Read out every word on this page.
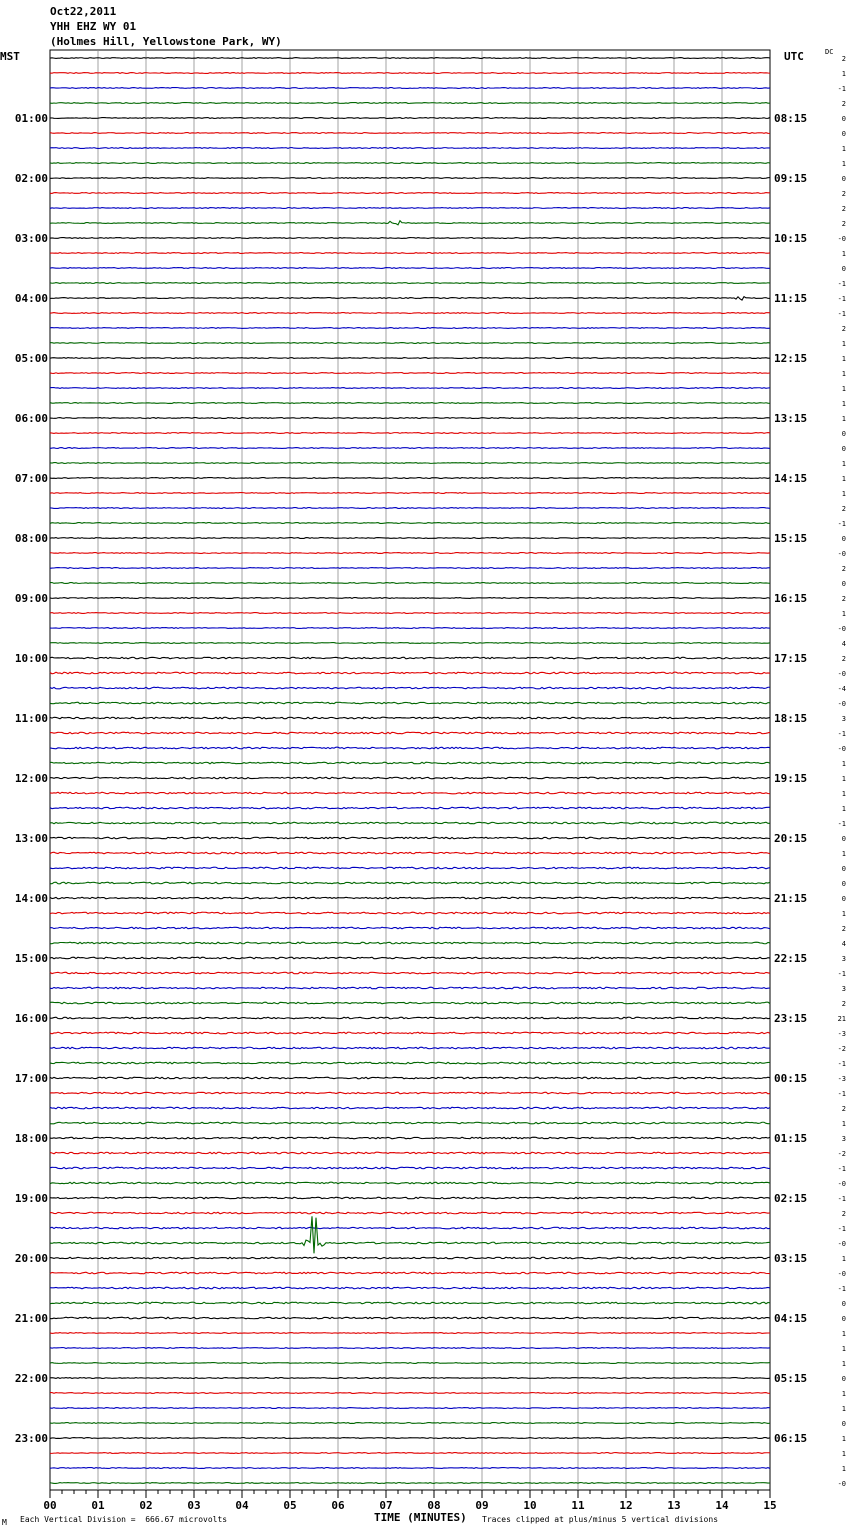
Oct22,2011
YHH EHZ WY 01
(Holmes Hill, Yellowstone Park, WY)
MST	UTC	DC
2
1
-1
2
0
0
1
1
0
2
2
2
-0
1
0
-1
-1
-1
2
1
1
1
1
1
1
0
0
1
1
1
2
-1
0
-0
2
0
2
1
-0
4
2
-0
-4
-0
3
-1
-0
1
1
1
1
-1
0
1
0
0
0
1
2
4
3
-1
3
2
21
-3
-2
-1
-3
-1
2
1
3
-2
-1
-0
-1
2
-1
-0
1
-0
-1
0
0
1
1
1
0
1
1
0
1
1
1
-0
01:00
02:00
03:00
04:00
05:00
06:00
07:00
08:00
09:00
10:00
11:00
12:00
13:00
14:00
15:00
16:00
17:00
18:00
19:00
20:00
21:00
22:00
23:00
08:15
09:15
10:15
11:15
12:15
13:15
14:15
15:15
16:15
17:15
18:15
19:15
20:15
21:15
22:15
23:15
00:15
01:15
02:15
03:15
04:15
05:15
06:15
00	01	02	03	04	05	06	07	08	09	10	11	12	13	14	15
M Each Vertical Division =  666.67 microvolts	TIME (MINUTES) Traces clipped at plus/minus 5 vertical divisions
